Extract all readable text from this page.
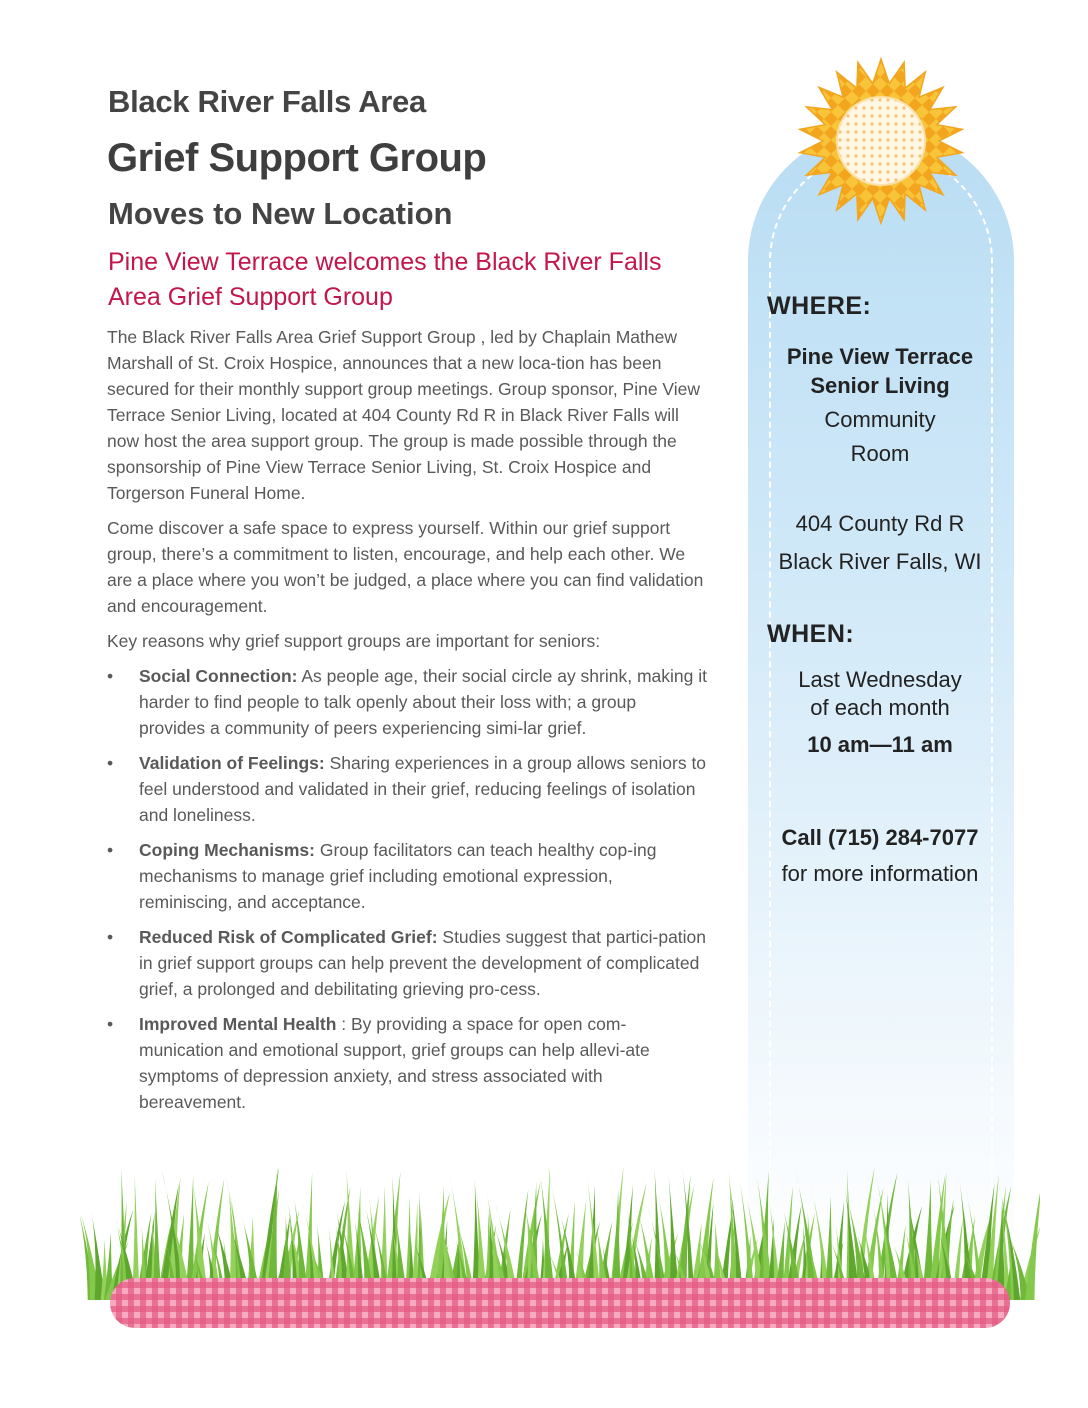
Black River Falls Area
Grief Support Group
Moves to New Location

Pine View Terrace welcomes the Black River Falls Area Grief Support Group

The Black River Falls Area Grief Support Group , led by Chaplain Mathew Marshall of St. Croix Hospice, announces that a new loca-tion has been secured for their monthly support group meetings. Group sponsor, Pine View Terrace Senior Living, located at 404 County Rd R in Black River Falls will now host the area support group. The group is made possible through the sponsorship of Pine View Terrace Senior Living, St. Croix Hospice and Torgerson Funeral Home.

Come discover a safe space to express yourself. Within our grief support group, there’s a commitment to listen, encourage, and help each other. We are a place where you won’t be judged, a place where you can find validation and encouragement.

Key reasons why grief support groups are important for seniors:

• Social Connection: As people age, their social circle ay shrink, making it harder to find people to talk openly about their loss with; a group provides a community of peers experiencing simi-lar grief.
• Validation of Feelings: Sharing experiences in a group allows seniors to feel understood and validated in their grief, reducing feelings of isolation and loneliness.
• Coping Mechanisms: Group facilitators can teach healthy cop-ing mechanisms to manage grief including emotional expression, reminiscing, and acceptance.
• Reduced Risk of Complicated Grief: Studies suggest that partici-pation in grief support groups can help prevent the development of complicated grief, a prolonged and debilitating grieving pro-cess.
• Improved Mental Health : By providing a space for open com-munication and emotional support, grief groups can help allevi-ate symptoms of depression anxiety, and stress associated with bereavement.
WHERE:
Pine View Terrace
Senior Living
Community
Room
404 County Rd R
Black River Falls, WI
WHEN:
Last Wednesday
of each month
10 am—11 am
Call (715) 284-7077
for more information
